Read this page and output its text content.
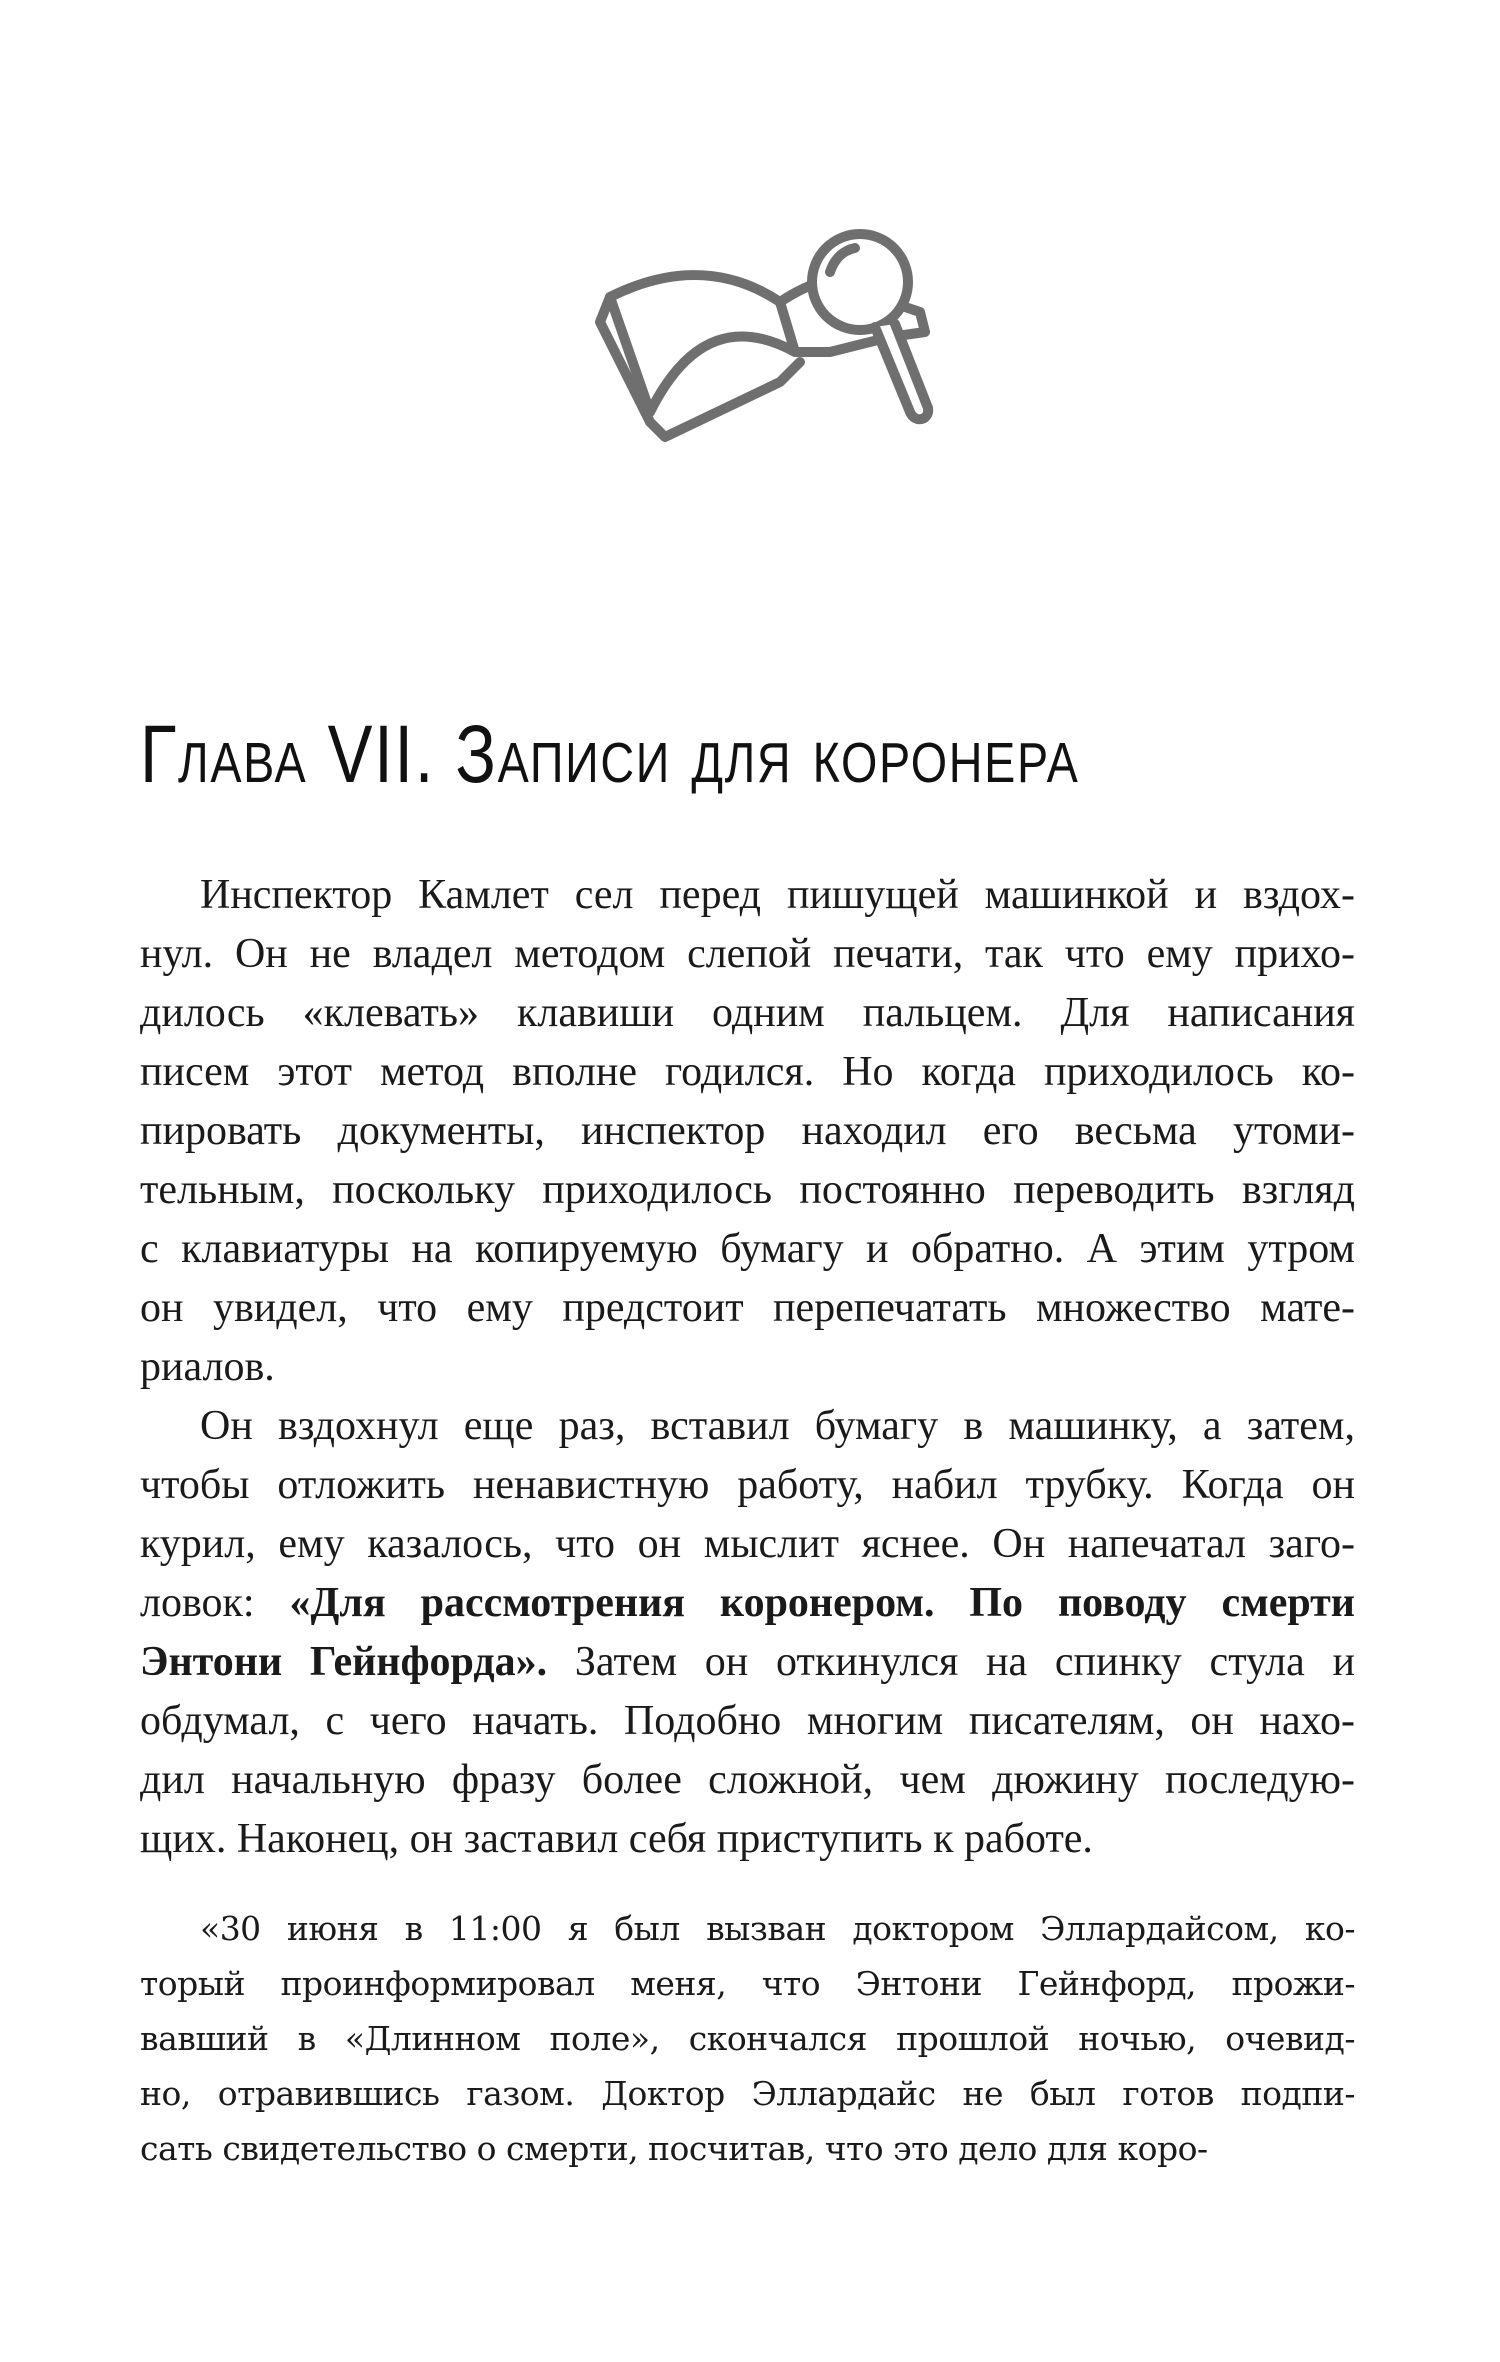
Глава VII. Записи для коронера
Инспектор Камлет сел перед пишущей машинкой и вздох-
нул. Он не владел методом слепой печати, так что ему прихо-
дилось «клевать» клавиши одним пальцем. Для написания
писем этот метод вполне годился. Но когда приходилось ко-
пировать документы, инспектор находил его весьма утоми-
тельным, поскольку приходилось постоянно переводить взгляд
с клавиатуры на копируемую бумагу и обратно. А этим утром
он увидел, что ему предстоит перепечатать множество мате-
риалов.
Он вздохнул еще раз, вставил бумагу в машинку, а затем,
чтобы отложить ненавистную работу, набил трубку. Когда он
курил, ему казалось, что он мыслит яснее. Он напечатал заго-
ловок: «Для рассмотрения коронером. По поводу смерти
Энтони Гейнфорда». Затем он откинулся на спинку стула и
обдумал, с чего начать. Подобно многим писателям, он нахо-
дил начальную фразу более сложной, чем дюжину последую-
щих. Наконец, он заставил себя приступить к работе.
«30 июня в 11:00 я был вызван доктором Эллардайсом, ко-
торый проинформировал меня, что Энтони Гейнфорд, прожи-
вавший в «Длинном поле», скончался прошлой ночью, очевид-
но, отравившись газом. Доктор Эллардайс не был готов подпи-
сать свидетельство о смерти, посчитав, что это дело для коро-
